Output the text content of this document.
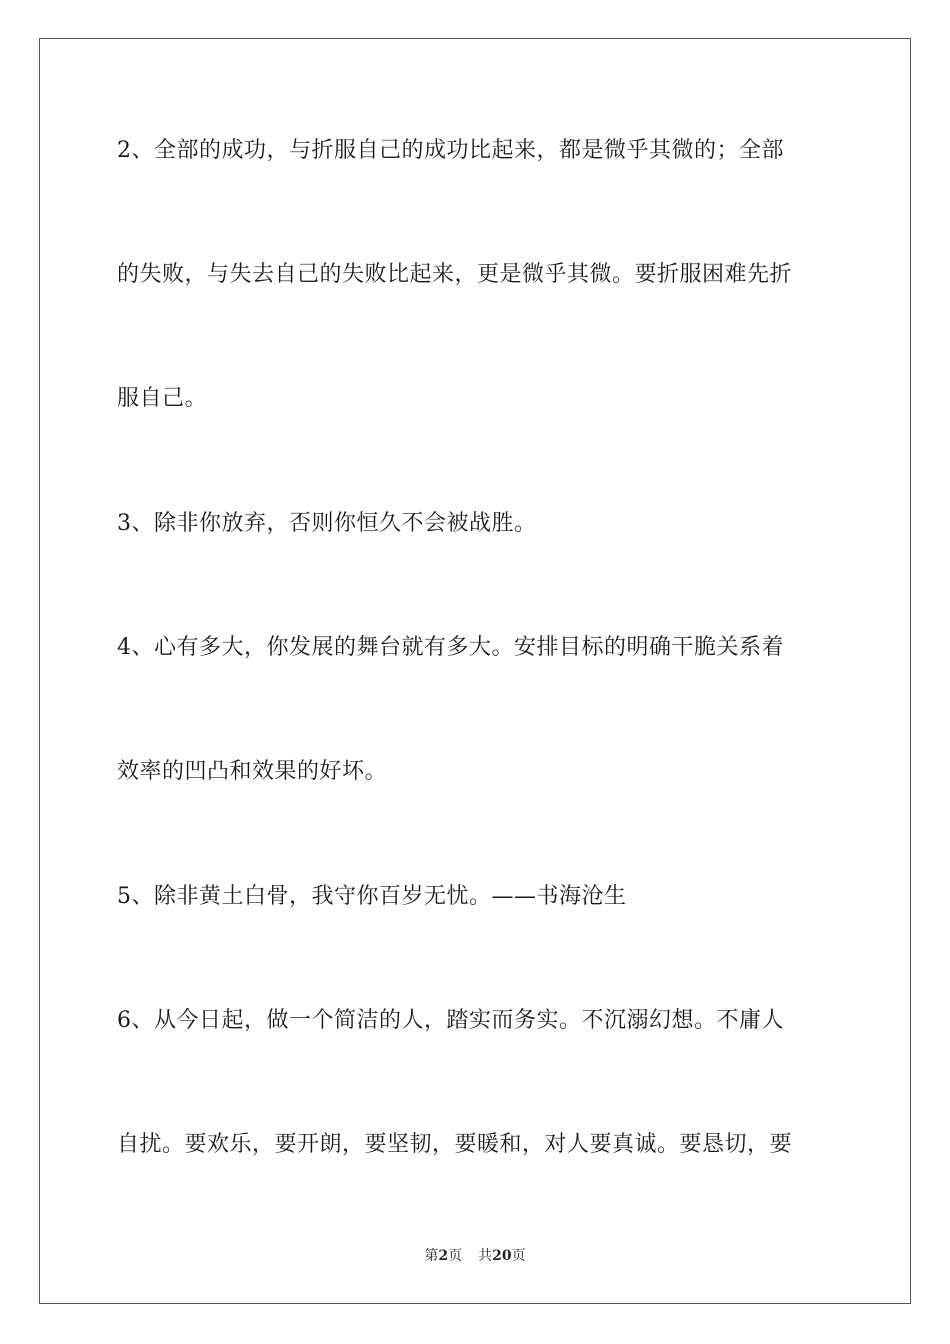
2、全部的成功，与折服自己的成功比起来，都是微乎其微的；全部
的失败，与失去自己的失败比起来，更是微乎其微。要折服困难先折
服自己。
3、除非你放弃，否则你恒久不会被战胜。
4、心有多大，你发展的舞台就有多大。安排目标的明确干脆关系着
效率的凹凸和效果的好坏。
5、除非黄土白骨，我守你百岁无忧。——书海沧生
6、从今日起，做一个简洁的人，踏实而务实。不沉溺幻想。不庸人
自扰。要欢乐，要开朗，要坚韧，要暖和，对人要真诚。要恳切，要
第2页 共20页
